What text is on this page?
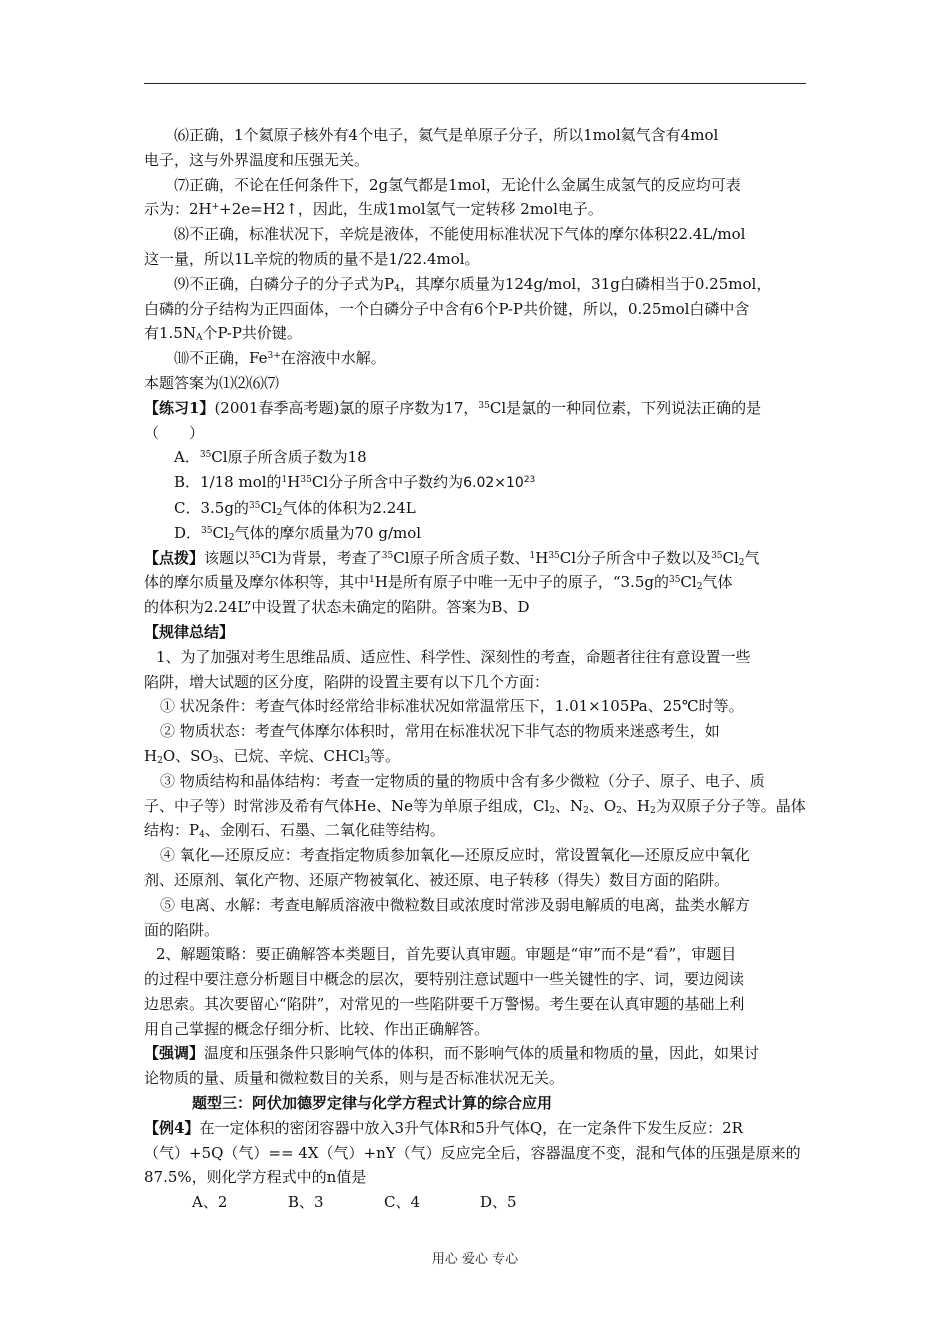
⑹正确，1个氦原子核外有4个电子，氦气是单原子分子，所以1mol氦气含有4mol

电子，这与外界温度和压强无关。

⑺正确，不论在任何条件下，2g氢气都是1mol，无论什么金属生成氢气的反应均可表

示为：2H++2e=H2↑，因此，生成1mol氢气一定转移 2mol电子。

⑻不正确，标准状况下，辛烷是液体，不能使用标准状况下气体的摩尔体积22.4L/mol

这一量，所以1L辛烷的物质的量不是1/22.4mol。

⑼不正确，白磷分子的分子式为$P_4$，其摩尔质量为124g/mol，31g白磷相当于0.25mol，

白磷的分子结构为正四面体，一个白磷分子中含有6个P-P共价键，所以，0.25mol白磷中含

有$1.5N_A$个P-P共价键。

⑽不正确，$Fe^{3+}$在溶液中水解。

本题答案为⑴⑵⑹⑺

【练习1】(2001春季高考题)氯的原子序数为17，$^{35}$Cl是氯的一种同位素，下列说法正确的是

（　　）

A．$^{35}$Cl原子所含质子数为18

B．1/18 mol的$^1H^{35}Cl$分子所含中子数约为$6.02\times 10^{23}$

C．3.5g的$^{35}Cl_2$气体的体积为2.24L

D．$^{35}Cl_2$气体的摩尔质量为70 g/mol

【点拨】该题以$^{35}$Cl为背景，考查了$^{35}$Cl原子所含质子数、$^1H^{35}Cl$分子所含中子数以及$^{35}Cl_2$气

体的摩尔质量及摩尔体积等，其中$^1$H是所有原子中唯一无中子的原子，“3.5g的$^{35}Cl_2$气体

的体积为2.24L”中设置了状态未确定的陷阱。答案为B、D

【规律总结】

1、为了加强对考生思维品质、适应性、科学性、深刻性的考查，命题者往往有意设置一些

陷阱，增大试题的区分度，陷阱的设置主要有以下几个方面：

① 状况条件：考查气体时经常给非标准状况如常温常压下，1.01×105Pa、25℃时等。

② 物质状态：考查气体摩尔体积时，常用在标准状况下非气态的物质来迷惑考生，如

$H_2O$、$SO_3$、已烷、辛烷、CHCl$_3$等。

③ 物质结构和晶体结构：考查一定物质的量的物质中含有多少微粒（分子、原子、电子、质

子、中子等）时常涉及希有气体He、Ne等为单原子组成，$Cl_2$、$N_2$、$O_2$、$H_2$为双原子分子等。晶体

结构：$P_4$、金刚石、石墨、二氧化硅等结构。

④ 氧化—还原反应：考查指定物质参加氧化—还原反应时，常设置氧化—还原反应中氧化

剂、还原剂、氧化产物、还原产物被氧化、被还原、电子转移（得失）数目方面的陷阱。

⑤ 电离、水解：考查电解质溶液中微粒数目或浓度时常涉及弱电解质的电离，盐类水解方

面的陷阱。

2、解题策略：要正确解答本类题目，首先要认真审题。审题是“审”而不是“看”，审题目

的过程中要注意分析题目中概念的层次，要特别注意试题中一些关键性的字、词，要边阅读

边思索。其次要留心“陷阱”，对常见的一些陷阱要千万警惕。考生要在认真审题的基础上利

用自己掌握的概念仔细分析、比较、作出正确解答。

【强调】温度和压强条件只影响气体的体积，而不影响气体的质量和物质的量，因此，如果讨

论物质的量、质量和微粒数目的关系，则与是否标准状况无关。

题型三：阿伏加德罗定律与化学方程式计算的综合应用

【例4】在一定体积的密闭容器中放入3升气体R和5升气体Q，在一定条件下发生反应：2R

（气）+5Q（气）== 4X（气）+nY（气）反应完全后，容器温度不变，混和气体的压强是原来的

87.5%，则化学方程式中的n值是

A、2	B、3	C、4	D、5

用心 爱心 专心
